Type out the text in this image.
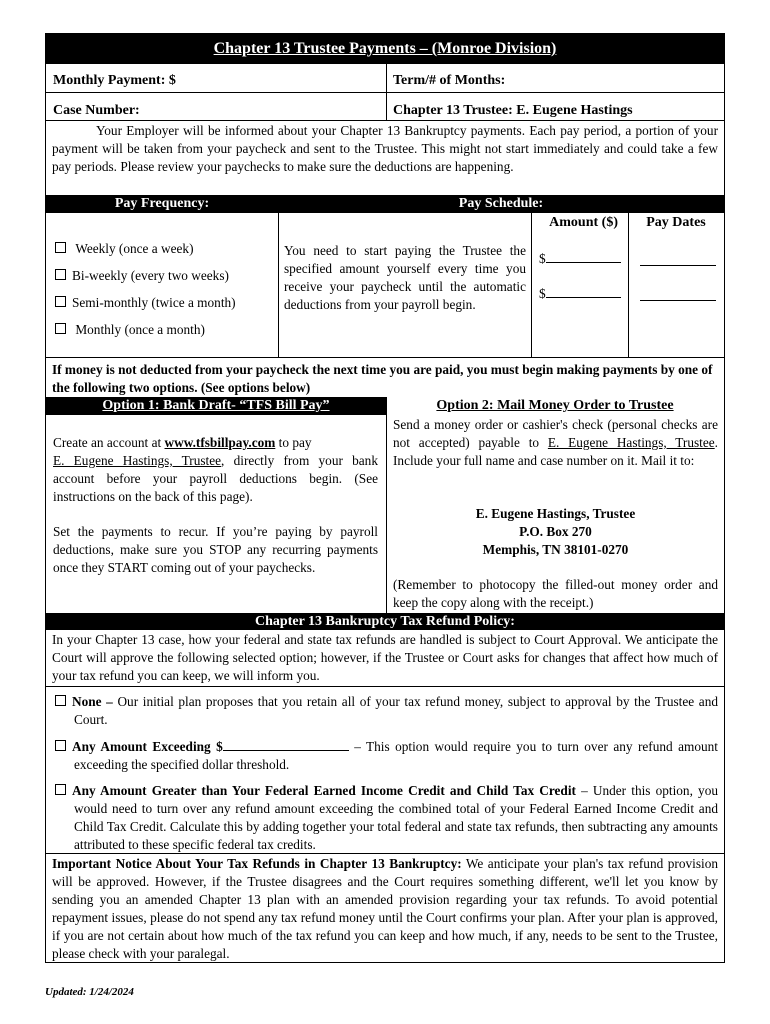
Chapter 13 Trustee Payments – (Monroe Division)
Monthly Payment: $	Term/# of Months:
Case Number:	Chapter 13 Trustee: E. Eugene Hastings
Your Employer will be informed about your Chapter 13 Bankruptcy payments. Each pay period, a portion of your payment will be taken from your paycheck and sent to the Trustee. This might not start immediately and could take a few pay periods. Please review your paychecks to make sure the deductions are happening.
Pay Frequency:	Pay Schedule:
Weekly (once a week)
Bi-weekly (every two weeks)
Semi-monthly (twice a month)
Monthly (once a month)
You need to start paying the Trustee the specified amount yourself every time you receive your paycheck until the automatic deductions from your payroll begin.
Amount ($)	Pay Dates
$
$
If money is not deducted from your paycheck the next time you are paid, you must begin making payments by one of the following two options. (See options below)
Option 1: Bank Draft- “TFS Bill Pay”	Option 2: Mail Money Order to Trustee
Create an account at www.tfsbillpay.com to pay
E. Eugene Hastings, Trustee, directly from your bank account before your payroll deductions begin. (See instructions on the back of this page).
Set the payments to recur. If you’re paying by payroll deductions, make sure you STOP any recurring payments once they START coming out of your paychecks.
Send a money order or cashier's check (personal checks are not accepted) payable to E. Eugene Hastings, Trustee. Include your full name and case number on it. Mail it to:
E. Eugene Hastings, Trustee
P.O. Box 270
Memphis, TN 38101-0270
(Remember to photocopy the filled-out money order and keep the copy along with the receipt.)
Chapter 13 Bankruptcy Tax Refund Policy:
In your Chapter 13 case, how your federal and state tax refunds are handled is subject to Court Approval. We anticipate the Court will approve the following selected option; however, if the Trustee or Court asks for changes that affect how much of your tax refund you can keep, we will inform you.
None – Our initial plan proposes that you retain all of your tax refund money, subject to approval by the Trustee and Court.
Any Amount Exceeding $	– This option would require you to turn over any refund amount exceeding the specified dollar threshold.
Any Amount Greater than Your Federal Earned Income Credit and Child Tax Credit – Under this option, you would need to turn over any refund amount exceeding the combined total of your Federal Earned Income Credit and Child Tax Credit. Calculate this by adding together your total federal and state tax refunds, then subtracting any amounts attributed to these specific federal tax credits.
Important Notice About Your Tax Refunds in Chapter 13 Bankruptcy: We anticipate your plan's tax refund provision will be approved. However, if the Trustee disagrees and the Court requires something different, we'll let you know by sending you an amended Chapter 13 plan with an amended provision regarding your tax refunds. To avoid potential repayment issues, please do not spend any tax refund money until the Court confirms your plan. After your plan is approved, if you are not certain about how much of the tax refund you can keep and how much, if any, needs to be sent to the Trustee, please check with your paralegal.
Updated: 1/24/2024
